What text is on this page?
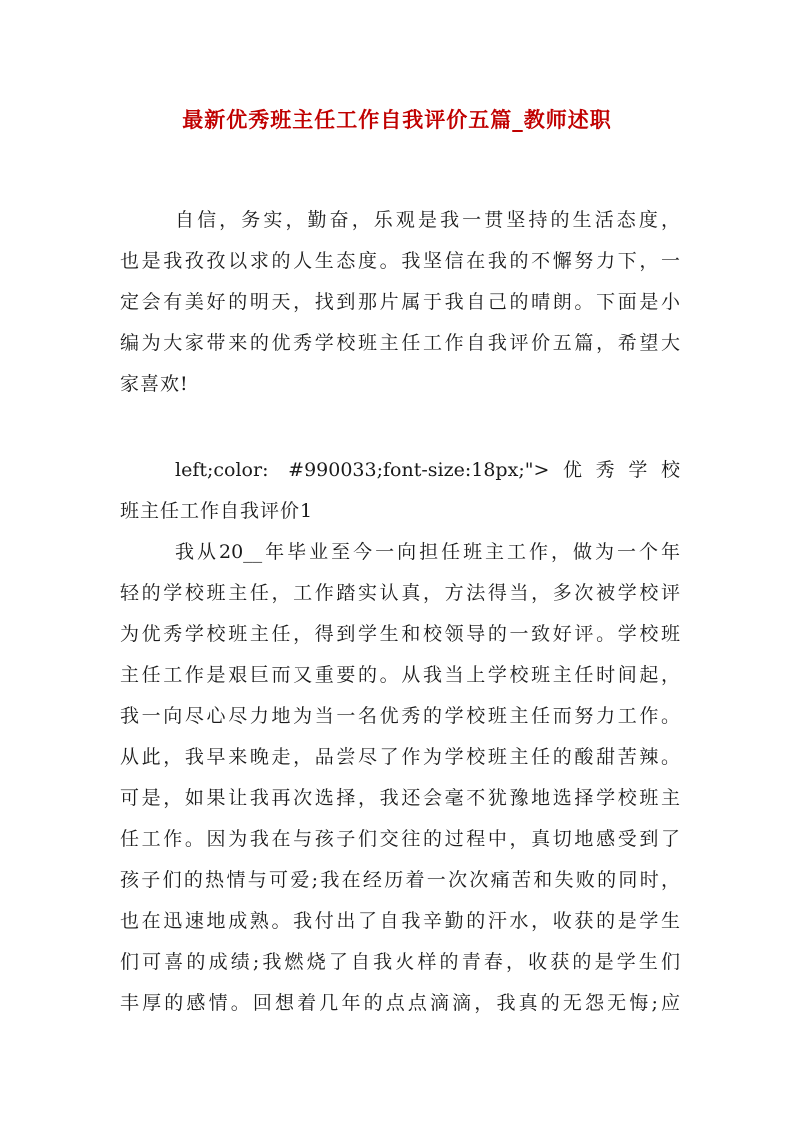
最新优秀班主任工作自我评价五篇_教师述职
自信，务实，勤奋，乐观是我一贯坚持的生活态度，
也是我孜孜以求的人生态度。我坚信在我的不懈努力下，一
定会有美好的明天，找到那片属于我自己的晴朗。下面是小
编为大家带来的优秀学校班主任工作自我评价五篇，希望大
家喜欢!
left;color: #990033;font-size:18px;">优秀学校
班主任工作自我评价1
我从20__年毕业至今一向担任班主工作，做为一个年
轻的学校班主任，工作踏实认真，方法得当，多次被学校评
为优秀学校班主任，得到学生和校领导的一致好评。学校班
主任工作是艰巨而又重要的。从我当上学校班主任时间起，
我一向尽心尽力地为当一名优秀的学校班主任而努力工作。
从此，我早来晚走，品尝尽了作为学校班主任的酸甜苦辣。
可是，如果让我再次选择，我还会毫不犹豫地选择学校班主
任工作。因为我在与孩子们交往的过程中，真切地感受到了
孩子们的热情与可爱;我在经历着一次次痛苦和失败的同时，
也在迅速地成熟。我付出了自我辛勤的汗水，收获的是学生
们可喜的成绩;我燃烧了自我火样的青春，收获的是学生们
丰厚的感情。回想着几年的点点滴滴，我真的无怨无悔;应
